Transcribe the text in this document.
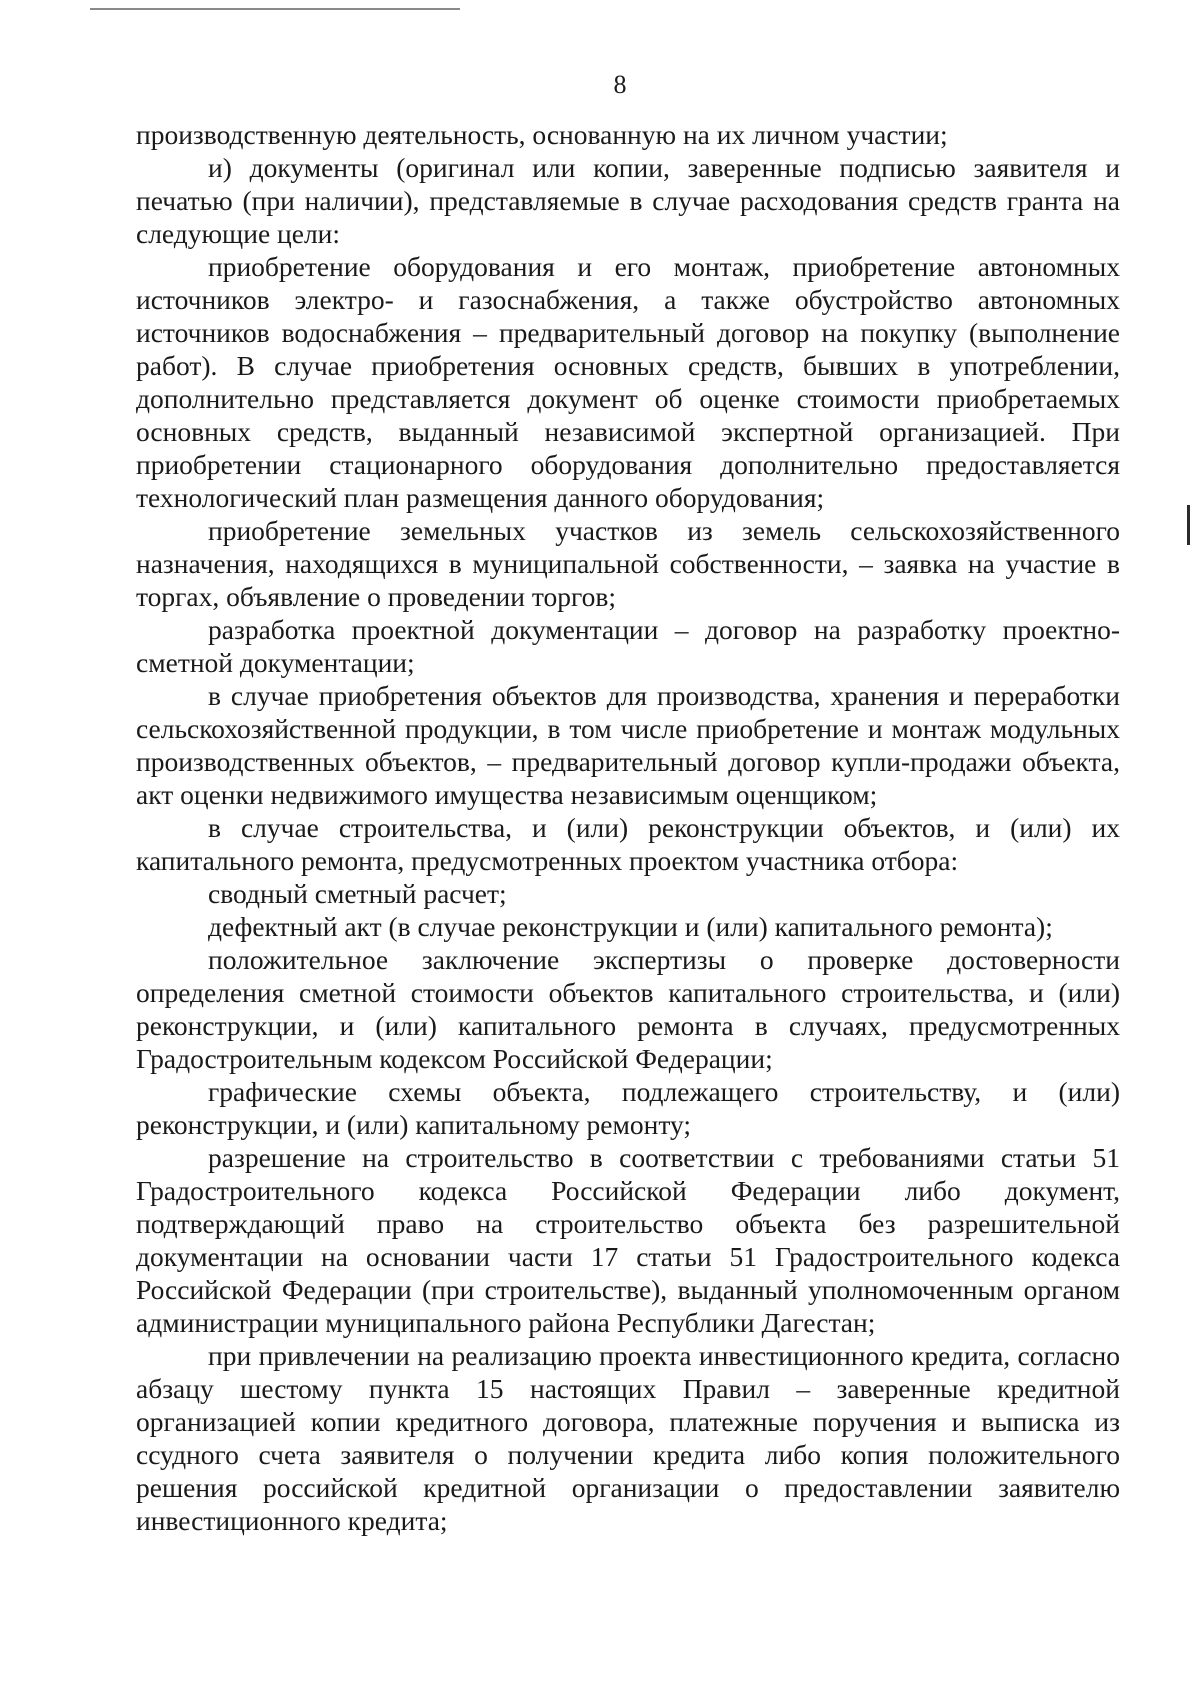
8

производственную деятельность, основанную на их личном участии;

и) документы (оригинал или копии, заверенные подписью заявителя и печатью (при наличии), представляемые в случае расходования средств гранта на следующие цели:

приобретение оборудования и его монтаж, приобретение автономных источников электро- и газоснабжения, а также обустройство автономных источников водоснабжения – предварительный договор на покупку (выполнение работ). В случае приобретения основных средств, бывших в употреблении, дополнительно представляется документ об оценке стоимости приобретаемых основных средств, выданный независимой экспертной организацией. При приобретении стационарного оборудования дополнительно предоставляется технологический план размещения данного оборудования;

приобретение земельных участков из земель сельскохозяйственного назначения, находящихся в муниципальной собственности, – заявка на участие в торгах, объявление о проведении торгов;

разработка проектной документации – договор на разработку проектно-сметной документации;

в случае приобретения объектов для производства, хранения и переработки сельскохозяйственной продукции, в том числе приобретение и монтаж модульных производственных объектов, – предварительный договор купли-продажи объекта, акт оценки недвижимого имущества независимым оценщиком;

в случае строительства, и (или) реконструкции объектов, и (или) их капитального ремонта, предусмотренных проектом участника отбора:

сводный сметный расчет;

дефектный акт (в случае реконструкции и (или) капитального ремонта);

положительное заключение экспертизы о проверке достоверности определения сметной стоимости объектов капитального строительства, и (или) реконструкции, и (или) капитального ремонта в случаях, предусмотренных Градостроительным кодексом Российской Федерации;

графические схемы объекта, подлежащего строительству, и (или) реконструкции, и (или) капитальному ремонту;

разрешение на строительство в соответствии с требованиями статьи 51 Градостроительного кодекса Российской Федерации либо документ, подтверждающий право на строительство объекта без разрешительной документации на основании части 17 статьи 51 Градостроительного кодекса Российской Федерации (при строительстве), выданный уполномоченным органом администрации муниципального района Республики Дагестан;

при привлечении на реализацию проекта инвестиционного кредита, согласно абзацу шестому пункта 15 настоящих Правил – заверенные кредитной организацией копии кредитного договора, платежные поручения и выписка из ссудного счета заявителя о получении кредита либо копия положительного решения российской кредитной организации о предоставлении заявителю инвестиционного кредита;
